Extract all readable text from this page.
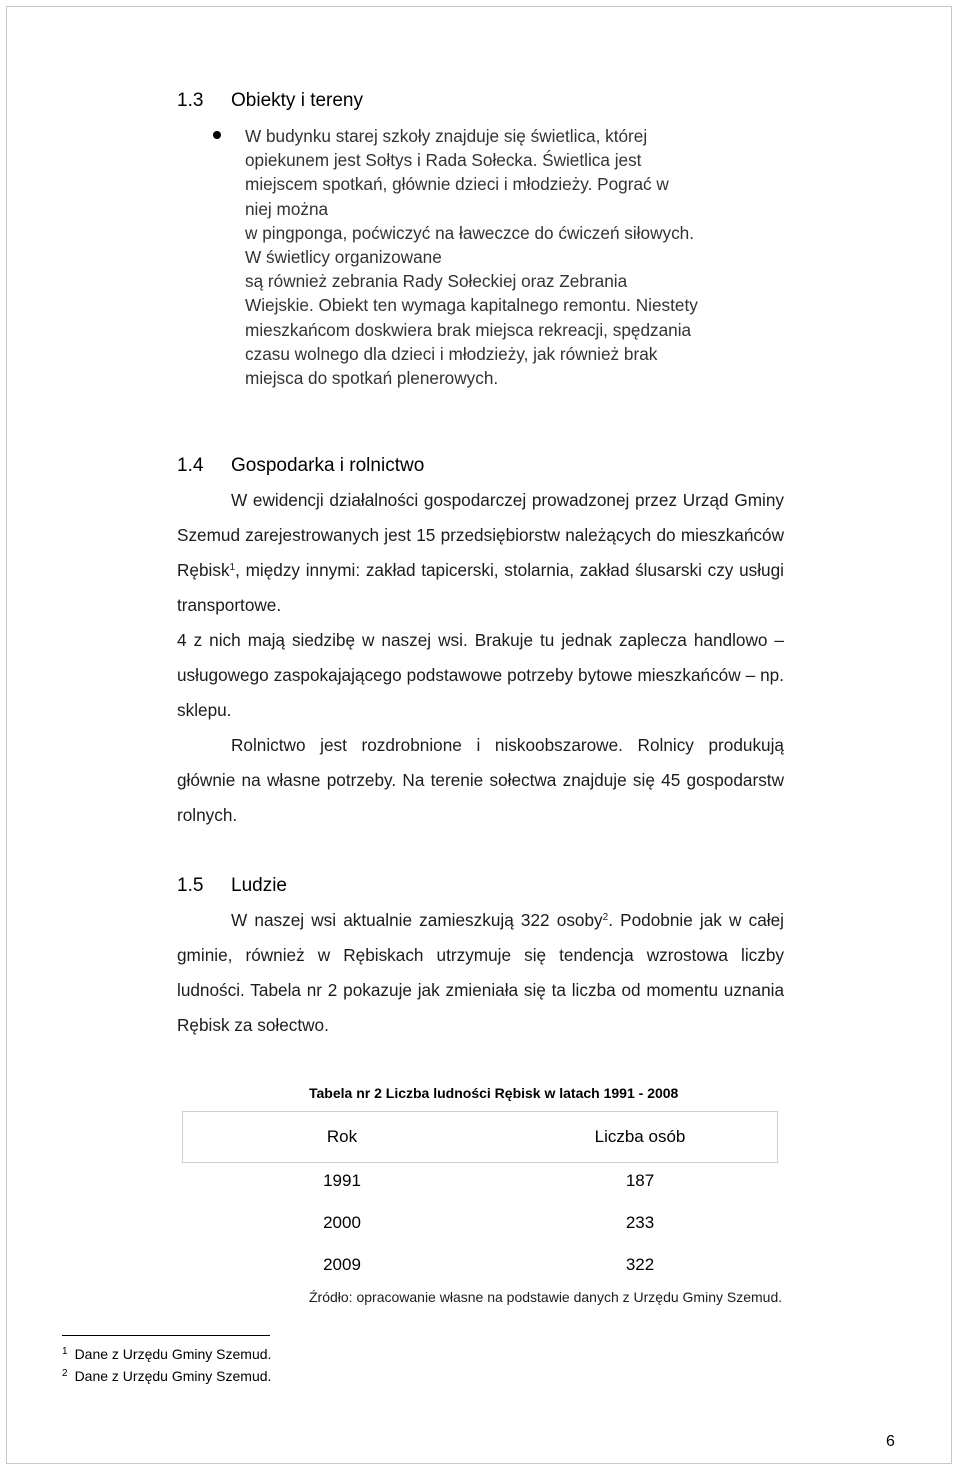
1.3 Obiekty i tereny
W budynku starej szkoły znajduje się świetlica, której
opiekunem jest Sołtys i Rada Sołecka. Świetlica jest
miejscem spotkań, głównie dzieci i młodzieży. Pograć w
niej można
w pingponga, poćwiczyć na ławeczce do ćwiczeń siłowych.
W świetlicy organizowane
są również zebrania Rady Sołeckiej oraz Zebrania
Wiejskie. Obiekt ten wymaga kapitalnego remontu. Niestety
mieszkańcom doskwiera brak miejsca rekreacji, spędzania
czasu wolnego dla dzieci i młodzieży, jak również brak
miejsca do spotkań plenerowych.
1.4 Gospodarka i rolnictwo
W ewidencji działalności gospodarczej prowadzonej przez Urząd Gminy Szemud zarejestrowanych jest 15 przedsiębiorstw należących do mieszkańców Rębisk$^1$, między innymi: zakład tapicerski, stolarnia, zakład ślusarski czy usługi transportowe.
4 z nich mają siedzibę w naszej wsi. Brakuje tu jednak zaplecza handlowo – usługowego zaspokajającego podstawowe potrzeby bytowe mieszkańców – np. sklepu.
Rolnictwo jest rozdrobnione i niskoobszarowe. Rolnicy produkują głównie na własne potrzeby. Na terenie sołectwa znajduje się 45 gospodarstw rolnych.
1.5 Ludzie
W naszej wsi aktualnie zamieszkują 322 osoby$^2$. Podobnie jak w całej gminie, również w Rębiskach utrzymuje się tendencja wzrostowa liczby ludności. Tabela nr 2 pokazuje jak zmieniała się ta liczba od momentu uznania Rębisk za sołectwo.
Tabela nr 2 Liczba ludności Rębisk w latach 1991 - 2008
Rok	Liczba osób
1991	187
2000	233
2009	322
Źródło: opracowanie własne na podstawie danych z Urzędu Gminy Szemud.
$^1$ Dane z Urzędu Gminy Szemud.
$^2$ Dane z Urzędu Gminy Szemud.
6
